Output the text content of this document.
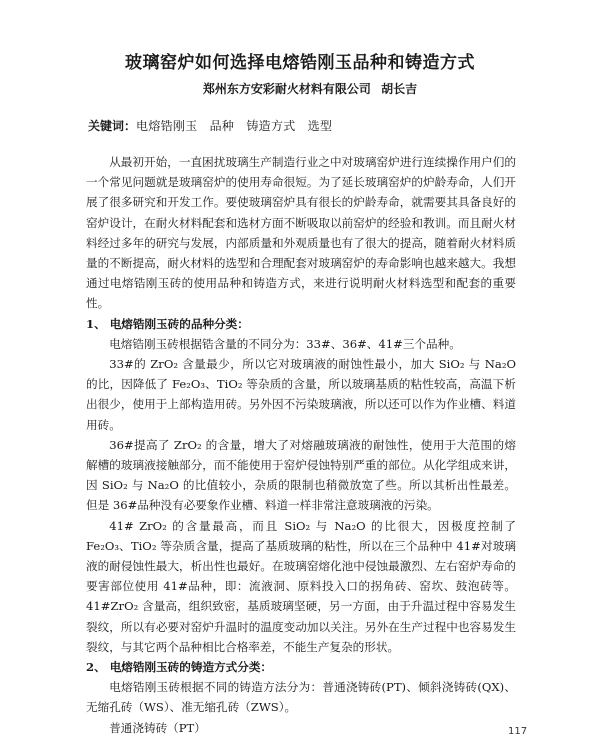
玻璃窑炉如何选择电熔锆刚玉品种和铸造方式
郑州东方安彩耐火材料有限公司 胡长吉
关键词：电熔锆刚玉 品种 铸造方式 选型

从最初开始，一直困扰玻璃生产制造行业之中对玻璃窑炉进行连续操作用户们的一个常见问题就是玻璃窑炉的使用寿命很短。为了延长玻璃窑炉的炉龄寿命，人们开展了很多研究和开发工作。要使玻璃窑炉具有很长的炉龄寿命，就需要其具备良好的窑炉设计，在耐火材料配套和选材方面不断吸取以前窑炉的经验和教训。而且耐火材料经过多年的研究与发展，内部质量和外观质量也有了很大的提高，随着耐火材料质量的不断提高，耐火材料的选型和合理配套对玻璃窑炉的寿命影响也越来越大。我想通过电熔锆刚玉砖的使用品种和铸造方式，来进行说明耐火材料选型和配套的重要性。

1、 电熔锆刚玉砖的品种分类：

电熔锆刚玉砖根据锆含量的不同分为：33#、36#、41#三个品种。

33#的 ZrO₂ 含量最少，所以它对玻璃液的耐蚀性最小，加大 SiO₂ 与 Na₂O 的比，因降低了 Fe₂O₃、TiO₂ 等杂质的含量，所以玻璃基质的粘性较高，高温下析出很少，使用于上部构造用砖。另外因不污染玻璃液，所以还可以作为作业槽、料道用砖。

36#提高了 ZrO₂ 的含量，增大了对熔融玻璃液的耐蚀性，使用于大范围的熔解槽的玻璃液接触部分，而不能使用于窑炉侵蚀特别严重的部位。从化学组成来讲，因 SiO₂ 与 Na₂O 的比值较小，杂质的限制也稍微放宽了些。所以其析出性最差。但是 36#品种没有必要象作业槽、料道一样非常注意玻璃液的污染。

41# ZrO₂ 的含量最高，而且 SiO₂ 与 Na₂O 的比很大，因极度控制了 Fe₂O₃、TiO₂ 等杂质含量，提高了基质玻璃的粘性，所以在三个品种中 41#对玻璃液的耐侵蚀性最大，析出性也最好。在玻璃窑熔化池中侵蚀最激烈、左右窑炉寿命的要害部位使用 41#品种，即：流液洞、原料投入口的拐角砖、窑坎、鼓泡砖等。41#ZrO₂ 含量高，组织致密，基质玻璃坚硬，另一方面，由于升温过程中容易发生裂纹，所以有必要对窑炉升温时的温度变动加以关注。另外在生产过程中也容易发生裂纹，与其它两个品种相比合格率差，不能生产复杂的形状。

2、 电熔锆刚玉砖的铸造方式分类：

电熔锆刚玉砖根据不同的铸造方法分为：普通浇铸砖(PT)、倾斜浇铸砖(QX)、无缩孔砖（WS）、准无缩孔砖（ZWS）。

普通浇铸砖（PT）	117
